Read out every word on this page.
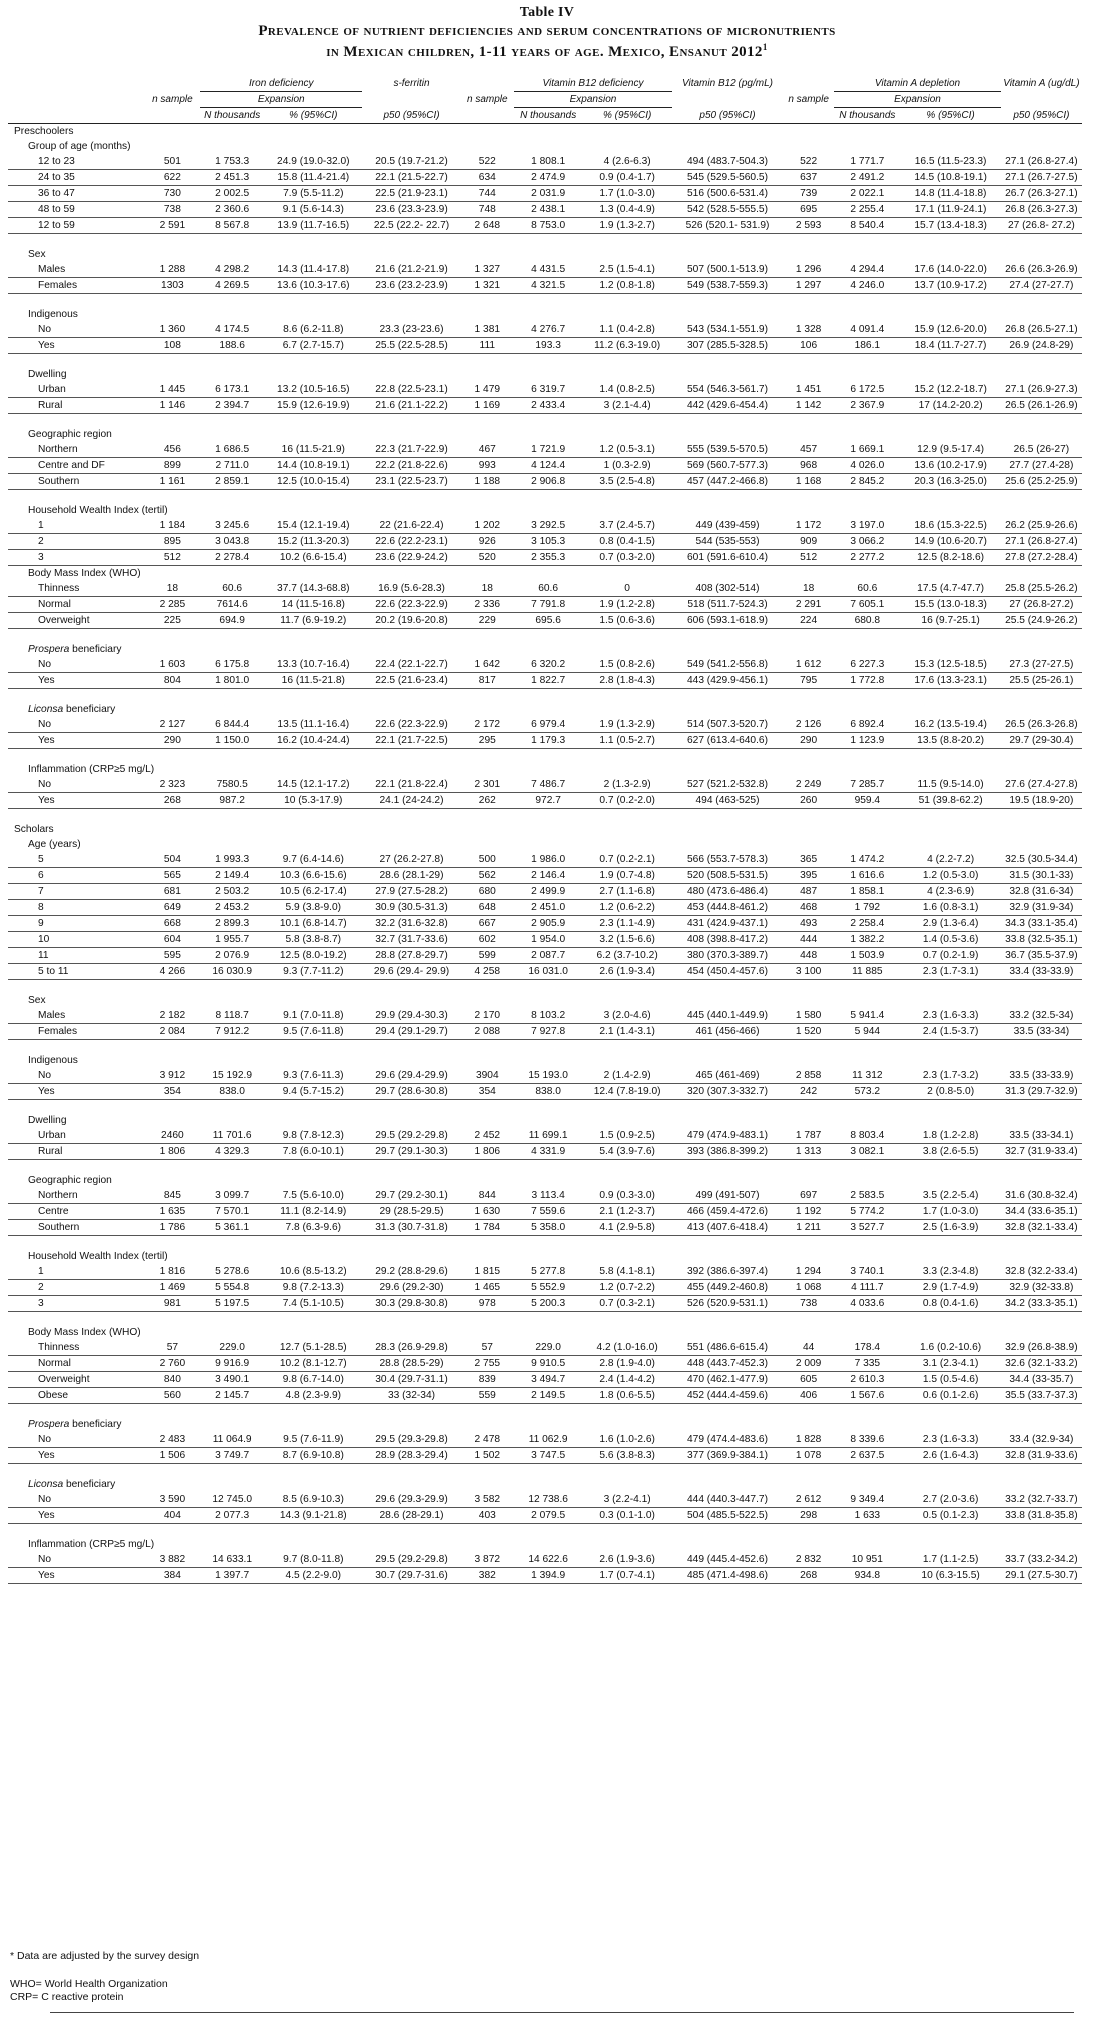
Table IV
Prevalence of nutrient deficiencies and serum concentrations of micronutrients
in Mexican children, 1-11 years of age. Mexico, Ensanut 2012$^1$
		Iron deficiency		s-ferritin		Vitamin B12 deficiency		Vitamin B12 (pg/mL)		Vitamin A depletion		Vitamin A (ug/dL)
	n sample	Expansion			n sample	Expansion			n sample	Expansion		
		N thousands	% (95%CI)	p50 (95%CI)		N thousands	% (95%CI)	p50 (95%CI)		N thousands	% (95%CI)	p50 (95%CI)
Preschoolers												
Group of age (months)												
12 to 23	501	1 753.3	24.9 (19.0-32.0)	20.5 (19.7-21.2)	522	1 808.1	4 (2.6-6.3)	494 (483.7-504.3)	522	1 771.7	16.5 (11.5-23.3)	27.1 (26.8-27.4)
24 to 35	622	2 451.3	15.8 (11.4-21.4)	22.1 (21.5-22.7)	634	2 474.9	0.9 (0.4-1.7)	545 (529.5-560.5)	637	2 491.2	14.5 (10.8-19.1)	27.1 (26.7-27.5)
36 to 47	730	2 002.5	7.9 (5.5-11.2)	22.5 (21.9-23.1)	744	2 031.9	1.7 (1.0-3.0)	516 (500.6-531.4)	739	2 022.1	14.8 (11.4-18.8)	26.7 (26.3-27.1)
48 to 59	738	2 360.6	9.1 (5.6-14.3)	23.6 (23.3-23.9)	748	2 438.1	1.3 (0.4-4.9)	542 (528.5-555.5)	695	2 255.4	17.1 (11.9-24.1)	26.8 (26.3-27.3)
12 to 59	2 591	8 567.8	13.9 (11.7-16.5)	22.5 (22.2- 22.7)	2 648	8 753.0	1.9 (1.3-2.7)	526 (520.1- 531.9)	2 593	8 540.4	15.7 (13.4-18.3)	27 (26.8- 27.2)

Sex												
Males	1 288	4 298.2	14.3 (11.4-17.8)	21.6 (21.2-21.9)	1 327	4 431.5	2.5 (1.5-4.1)	507 (500.1-513.9)	1 296	4 294.4	17.6 (14.0-22.0)	26.6 (26.3-26.9)
Females	1303	4 269.5	13.6 (10.3-17.6)	23.6 (23.2-23.9)	1 321	4 321.5	1.2 (0.8-1.8)	549 (538.7-559.3)	1 297	4 246.0	13.7 (10.9-17.2)	27.4 (27-27.7)

Indigenous												
No	1 360	4 174.5	8.6 (6.2-11.8)	23.3 (23-23.6)	1 381	4 276.7	1.1 (0.4-2.8)	543 (534.1-551.9)	1 328	4 091.4	15.9 (12.6-20.0)	26.8 (26.5-27.1)
Yes	108	188.6	6.7 (2.7-15.7)	25.5 (22.5-28.5)	111	193.3	11.2 (6.3-19.0)	307 (285.5-328.5)	106	186.1	18.4 (11.7-27.7)	26.9 (24.8-29)

Dwelling												
Urban	1 445	6 173.1	13.2 (10.5-16.5)	22.8 (22.5-23.1)	1 479	6 319.7	1.4 (0.8-2.5)	554 (546.3-561.7)	1 451	6 172.5	15.2 (12.2-18.7)	27.1 (26.9-27.3)
Rural	1 146	2 394.7	15.9 (12.6-19.9)	21.6 (21.1-22.2)	1 169	2 433.4	3 (2.1-4.4)	442 (429.6-454.4)	1 142	2 367.9	17 (14.2-20.2)	26.5 (26.1-26.9)

Geographic region												
Northern	456	1 686.5	16 (11.5-21.9)	22.3 (21.7-22.9)	467	1 721.9	1.2 (0.5-3.1)	555 (539.5-570.5)	457	1 669.1	12.9 (9.5-17.4)	26.5 (26-27)
Centre and DF	899	2 711.0	14.4 (10.8-19.1)	22.2 (21.8-22.6)	993	4 124.4	1 (0.3-2.9)	569 (560.7-577.3)	968	4 026.0	13.6 (10.2-17.9)	27.7 (27.4-28)
Southern	1 161	2 859.1	12.5 (10.0-15.4)	23.1 (22.5-23.7)	1 188	2 906.8	3.5 (2.5-4.8)	457 (447.2-466.8)	1 168	2 845.2	20.3 (16.3-25.0)	25.6 (25.2-25.9)

Household Wealth Index (tertil)												
1	1 184	3 245.6	15.4 (12.1-19.4)	22 (21.6-22.4)	1 202	3 292.5	3.7 (2.4-5.7)	449 (439-459)	1 172	3 197.0	18.6 (15.3-22.5)	26.2 (25.9-26.6)
2	895	3 043.8	15.2 (11.3-20.3)	22.6 (22.2-23.1)	926	3 105.3	0.8 (0.4-1.5)	544 (535-553)	909	3 066.2	14.9 (10.6-20.7)	27.1 (26.8-27.4)
3	512	2 278.4	10.2 (6.6-15.4)	23.6 (22.9-24.2)	520	2 355.3	0.7 (0.3-2.0)	601 (591.6-610.4)	512	2 277.2	12.5 (8.2-18.6)	27.8 (27.2-28.4)
Body Mass Index (WHO)												
Thinness	18	60.6	37.7 (14.3-68.8)	16.9 (5.6-28.3)	18	60.6	0	408 (302-514)	18	60.6	17.5 (4.7-47.7)	25.8 (25.5-26.2)
Normal	2 285	7614.6	14 (11.5-16.8)	22.6 (22.3-22.9)	2 336	7 791.8	1.9 (1.2-2.8)	518 (511.7-524.3)	2 291	7 605.1	15.5 (13.0-18.3)	27 (26.8-27.2)
Overweight	225	694.9	11.7 (6.9-19.2)	20.2 (19.6-20.8)	229	695.6	1.5 (0.6-3.6)	606 (593.1-618.9)	224	680.8	16 (9.7-25.1)	25.5 (24.9-26.2)

Prospera beneficiary												
No	1 603	6 175.8	13.3 (10.7-16.4)	22.4 (22.1-22.7)	1 642	6 320.2	1.5 (0.8-2.6)	549 (541.2-556.8)	1 612	6 227.3	15.3 (12.5-18.5)	27.3 (27-27.5)
Yes	804	1 801.0	16 (11.5-21.8)	22.5 (21.6-23.4)	817	1 822.7	2.8 (1.8-4.3)	443 (429.9-456.1)	795	1 772.8	17.6 (13.3-23.1)	25.5 (25-26.1)

Liconsa beneficiary												
No	2 127	6 844.4	13.5 (11.1-16.4)	22.6 (22.3-22.9)	2 172	6 979.4	1.9 (1.3-2.9)	514 (507.3-520.7)	2 126	6 892.4	16.2 (13.5-19.4)	26.5 (26.3-26.8)
Yes	290	1 150.0	16.2 (10.4-24.4)	22.1 (21.7-22.5)	295	1 179.3	1.1 (0.5-2.7)	627 (613.4-640.6)	290	1 123.9	13.5 (8.8-20.2)	29.7 (29-30.4)

Inflammation (CRP≥5 mg/L)												
No	2 323	7580.5	14.5 (12.1-17.2)	22.1 (21.8-22.4)	2 301	7 486.7	2 (1.3-2.9)	527 (521.2-532.8)	2 249	7 285.7	11.5 (9.5-14.0)	27.6 (27.4-27.8)
Yes	268	987.2	10 (5.3-17.9)	24.1 (24-24.2)	262	972.7	0.7 (0.2-2.0)	494 (463-525)	260	959.4	51 (39.8-62.2)	19.5 (18.9-20)

Scholars												
Age (years)												
5	504	1 993.3	9.7 (6.4-14.6)	27 (26.2-27.8)	500	1 986.0	0.7 (0.2-2.1)	566 (553.7-578.3)	365	1 474.2	4 (2.2-7.2)	32.5 (30.5-34.4)
6	565	2 149.4	10.3 (6.6-15.6)	28.6 (28.1-29)	562	2 146.4	1.9 (0.7-4.8)	520 (508.5-531.5)	395	1 616.6	1.2 (0.5-3.0)	31.5 (30.1-33)
7	681	2 503.2	10.5 (6.2-17.4)	27.9 (27.5-28.2)	680	2 499.9	2.7 (1.1-6.8)	480 (473.6-486.4)	487	1 858.1	4 (2.3-6.9)	32.8 (31.6-34)
8	649	2 453.2	5.9 (3.8-9.0)	30.9 (30.5-31.3)	648	2 451.0	1.2 (0.6-2.2)	453 (444.8-461.2)	468	1 792	1.6 (0.8-3.1)	32.9 (31.9-34)
9	668	2 899.3	10.1 (6.8-14.7)	32.2 (31.6-32.8)	667	2 905.9	2.3 (1.1-4.9)	431 (424.9-437.1)	493	2 258.4	2.9 (1.3-6.4)	34.3 (33.1-35.4)
10	604	1 955.7	5.8 (3.8-8.7)	32.7 (31.7-33.6)	602	1 954.0	3.2 (1.5-6.6)	408 (398.8-417.2)	444	1 382.2	1.4 (0.5-3.6)	33.8 (32.5-35.1)
11	595	2 076.9	12.5 (8.0-19.2)	28.8 (27.8-29.7)	599	2 087.7	6.2 (3.7-10.2)	380 (370.3-389.7)	448	1 503.9	0.7 (0.2-1.9)	36.7 (35.5-37.9)
5 to 11	4 266	16 030.9	9.3 (7.7-11.2)	29.6 (29.4- 29.9)	4 258	16 031.0	2.6 (1.9-3.4)	454 (450.4-457.6)	3 100	11 885	2.3 (1.7-3.1)	33.4 (33-33.9)

Sex												
Males	2 182	8 118.7	9.1 (7.0-11.8)	29.9 (29.4-30.3)	2 170	8 103.2	3 (2.0-4.6)	445 (440.1-449.9)	1 580	5 941.4	2.3 (1.6-3.3)	33.2 (32.5-34)
Females	2 084	7 912.2	9.5 (7.6-11.8)	29.4 (29.1-29.7)	2 088	7 927.8	2.1 (1.4-3.1)	461 (456-466)	1 520	5 944	2.4 (1.5-3.7)	33.5 (33-34)

Indigenous												
No	3 912	15 192.9	9.3 (7.6-11.3)	29.6 (29.4-29.9)	3904	15 193.0	2 (1.4-2.9)	465 (461-469)	2 858	11 312	2.3 (1.7-3.2)	33.5 (33-33.9)
Yes	354	838.0	9.4 (5.7-15.2)	29.7 (28.6-30.8)	354	838.0	12.4 (7.8-19.0)	320 (307.3-332.7)	242	573.2	2 (0.8-5.0)	31.3 (29.7-32.9)

Dwelling												
Urban	2460	11 701.6	9.8 (7.8-12.3)	29.5 (29.2-29.8)	2 452	11 699.1	1.5 (0.9-2.5)	479 (474.9-483.1)	1 787	8 803.4	1.8 (1.2-2.8)	33.5 (33-34.1)
Rural	1 806	4 329.3	7.8 (6.0-10.1)	29.7 (29.1-30.3)	1 806	4 331.9	5.4 (3.9-7.6)	393 (386.8-399.2)	1 313	3 082.1	3.8 (2.6-5.5)	32.7 (31.9-33.4)

Geographic region												
Northern	845	3 099.7	7.5 (5.6-10.0)	29.7 (29.2-30.1)	844	3 113.4	0.9 (0.3-3.0)	499 (491-507)	697	2 583.5	3.5 (2.2-5.4)	31.6 (30.8-32.4)
Centre	1 635	7 570.1	11.1 (8.2-14.9)	29 (28.5-29.5)	1 630	7 559.6	2.1 (1.2-3.7)	466 (459.4-472.6)	1 192	5 774.2	1.7 (1.0-3.0)	34.4 (33.6-35.1)
Southern	1 786	5 361.1	7.8 (6.3-9.6)	31.3 (30.7-31.8)	1 784	5 358.0	4.1 (2.9-5.8)	413 (407.6-418.4)	1 211	3 527.7	2.5 (1.6-3.9)	32.8 (32.1-33.4)

Household Wealth Index (tertil)												
1	1 816	5 278.6	10.6 (8.5-13.2)	29.2 (28.8-29.6)	1 815	5 277.8	5.8 (4.1-8.1)	392 (386.6-397.4)	1 294	3 740.1	3.3 (2.3-4.8)	32.8 (32.2-33.4)
2	1 469	5 554.8	9.8 (7.2-13.3)	29.6 (29.2-30)	1 465	5 552.9	1.2 (0.7-2.2)	455 (449.2-460.8)	1 068	4 111.7	2.9 (1.7-4.9)	32.9 (32-33.8)
3	981	5 197.5	7.4 (5.1-10.5)	30.3 (29.8-30.8)	978	5 200.3	0.7 (0.3-2.1)	526 (520.9-531.1)	738	4 033.6	0.8 (0.4-1.6)	34.2 (33.3-35.1)

Body Mass Index (WHO)												
Thinness	57	229.0	12.7 (5.1-28.5)	28.3 (26.9-29.8)	57	229.0	4.2 (1.0-16.0)	551 (486.6-615.4)	44	178.4	1.6 (0.2-10.6)	32.9 (26.8-38.9)
Normal	2 760	9 916.9	10.2 (8.1-12.7)	28.8 (28.5-29)	2 755	9 910.5	2.8 (1.9-4.0)	448 (443.7-452.3)	2 009	7 335	3.1 (2.3-4.1)	32.6 (32.1-33.2)
Overweight	840	3 490.1	9.8 (6.7-14.0)	30.4 (29.7-31.1)	839	3 494.7	2.4 (1.4-4.2)	470 (462.1-477.9)	605	2 610.3	1.5 (0.5-4.6)	34.4 (33-35.7)
Obese	560	2 145.7	4.8 (2.3-9.9)	33 (32-34)	559	2 149.5	1.8 (0.6-5.5)	452 (444.4-459.6)	406	1 567.6	0.6 (0.1-2.6)	35.5 (33.7-37.3)

Prospera beneficiary												
No	2 483	11 064.9	9.5 (7.6-11.9)	29.5 (29.3-29.8)	2 478	11 062.9	1.6 (1.0-2.6)	479 (474.4-483.6)	1 828	8 339.6	2.3 (1.6-3.3)	33.4 (32.9-34)
Yes	1 506	3 749.7	8.7 (6.9-10.8)	28.9 (28.3-29.4)	1 502	3 747.5	5.6 (3.8-8.3)	377 (369.9-384.1)	1 078	2 637.5	2.6 (1.6-4.3)	32.8 (31.9-33.6)

Liconsa beneficiary												
No	3 590	12 745.0	8.5 (6.9-10.3)	29.6 (29.3-29.9)	3 582	12 738.6	3 (2.2-4.1)	444 (440.3-447.7)	2 612	9 349.4	2.7 (2.0-3.6)	33.2 (32.7-33.7)
Yes	404	2 077.3	14.3 (9.1-21.8)	28.6 (28-29.1)	403	2 079.5	0.3 (0.1-1.0)	504 (485.5-522.5)	298	1 633	0.5 (0.1-2.3)	33.8 (31.8-35.8)

Inflammation (CRP≥5 mg/L)												
No	3 882	14 633.1	9.7 (8.0-11.8)	29.5 (29.2-29.8)	3 872	14 622.6	2.6 (1.9-3.6)	449 (445.4-452.6)	2 832	10 951	1.7 (1.1-2.5)	33.7 (33.2-34.2)
Yes	384	1 397.7	4.5 (2.2-9.0)	30.7 (29.7-31.6)	382	1 394.9	1.7 (0.7-4.1)	485 (471.4-498.6)	268	934.8	10 (6.3-15.5)	29.1 (27.5-30.7)
* Data are adjusted by the survey design
WHO= World Health Organization
CRP= C reactive protein
